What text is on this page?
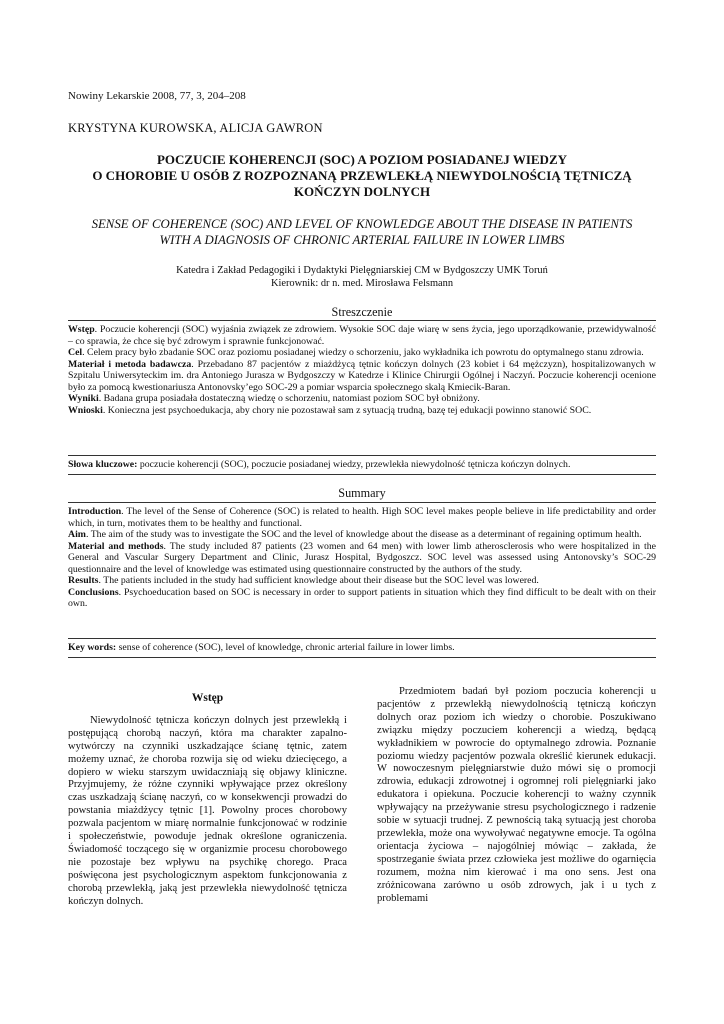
Nowiny Lekarskie 2008, 77, 3, 204–208
KRYSTYNA KUROWSKA, ALICJA GAWRON
POCZUCIE KOHERENCJI (SOC) A POZIOM POSIADANEJ WIEDZY
O CHOROBIE U OSÓB Z ROZPOZNANĄ PRZEWLEKŁĄ NIEWYDOLNOŚCIĄ TĘTNICZĄ
KOŃCZYN DOLNYCH
SENSE OF COHERENCE (SOC) AND LEVEL OF KNOWLEDGE ABOUT THE DISEASE IN PATIENTS
WITH A DIAGNOSIS OF CHRONIC ARTERIAL FAILURE IN LOWER LIMBS
Katedra i Zakład Pedagogiki i Dydaktyki Pielęgniarskiej CM w Bydgoszczy UMK Toruń
Kierownik: dr n. med. Mirosława Felsmann
Streszczenie

Wstęp. Poczucie koherencji (SOC) wyjaśnia związek ze zdrowiem. Wysokie SOC daje wiarę w sens życia, jego uporządkowanie, przewidywalność – co sprawia, że chce się być zdrowym i sprawnie funkcjonować.

Cel. Celem pracy było zbadanie SOC oraz poziomu posiadanej wiedzy o schorzeniu, jako wykładnika ich powrotu do optymalnego stanu zdrowia.

Materiał i metoda badawcza. Przebadano 87 pacjentów z miażdżycą tętnic kończyn dolnych (23 kobiet i 64 mężczyzn), hospitalizowanych w Szpitalu Uniwersyteckim im. dra Antoniego Jurasza w Bydgoszczy w Katedrze i Klinice Chirurgii Ogólnej i Naczyń. Poczucie koherencji ocenione było za pomocą kwestionariusza Antonovsky’ego SOC-29 a pomiar wsparcia społecznego skalą Kmiecik-Baran.

Wyniki. Badana grupa posiadała dostateczną wiedzę o schorzeniu, natomiast poziom SOC był obniżony.

Wnioski. Konieczna jest psychoedukacja, aby chory nie pozostawał sam z sytuacją trudną, bazę tej edukacji powinno stanowić SOC.

Słowa kluczowe: poczucie koherencji (SOC), poczucie posiadanej wiedzy, przewlekła niewydolność tętnicza kończyn dolnych.
Summary

Introduction. The level of the Sense of Coherence (SOC) is related to health. High SOC level makes people believe in life predictability and order which, in turn, motivates them to be healthy and functional.

Aim. The aim of the study was to investigate the SOC and the level of knowledge about the disease as a determinant of regaining optimum health.

Material and methods. The study included 87 patients (23 women and 64 men) with lower limb atherosclerosis who were hospitalized in the General and Vascular Surgery Department and Clinic, Jurasz Hospital, Bydgoszcz. SOC level was assessed using Antonovsky’s SOC-29 questionnaire and the level of knowledge was estimated using questionnaire constructed by the authors of the study.

Results. The patients included in the study had sufficient knowledge about their disease but the SOC level was lowered.

Conclusions. Psychoeducation based on SOC is necessary in order to support patients in situation which they find difficult to be dealt with on their own.

Key words: sense of coherence (SOC), level of knowledge, chronic arterial failure in lower limbs.
Wstęp

Niewydolność tętnicza kończyn dolnych jest przewlekłą i postępującą chorobą naczyń, która ma charakter zapalno-wytwórczy na czynniki uszkadzające ścianę tętnic, zatem możemy uznać, że choroba rozwija się od wieku dziecięcego, a dopiero w wieku starszym uwidaczniają się objawy kliniczne. Przyjmujemy, że różne czynniki wpływające przez określony czas uszkadzają ścianę naczyń, co w konsekwencji prowadzi do powstania miażdżycy tętnic [1]. Powolny proces chorobowy pozwala pacjentom w miarę normalnie funkcjonować w rodzinie i społeczeństwie, powoduje jednak określone ograniczenia. Świadomość toczącego się w organizmie procesu chorobowego nie pozostaje bez wpływu na psychikę chorego. Praca poświęcona jest psychologicznym aspektom funkcjonowania z chorobą przewlekłą, jaką jest przewlekła niewydolność tętnicza kończyn dolnych.

Przedmiotem badań był poziom poczucia koherencji u pacjentów z przewlekłą niewydolnością tętniczą kończyn dolnych oraz poziom ich wiedzy o chorobie. Poszukiwano związku między poczuciem koherencji a wiedzą, będącą wykładnikiem w powrocie do optymalnego zdrowia. Poznanie poziomu wiedzy pacjentów pozwala określić kierunek edukacji. W nowoczesnym pielęgniarstwie dużo mówi się o promocji zdrowia, edukacji zdrowotnej i ogromnej roli pielęgniarki jako edukatora i opiekuna. Poczucie koherencji to ważny czynnik wpływający na przeżywanie stresu psychologicznego i radzenie sobie w sytuacji trudnej. Z pewnością taką sytuacją jest choroba przewlekła, może ona wywoływać negatywne emocje. Ta ogólna orientacja życiowa – najogólniej mówiąc – zakłada, że spostrzeganie świata przez człowieka jest możliwe do ogarnięcia rozumem, można nim kierować i ma ono sens. Jest ona zróżnicowana zarówno u osób zdrowych, jak i u tych z problemami
